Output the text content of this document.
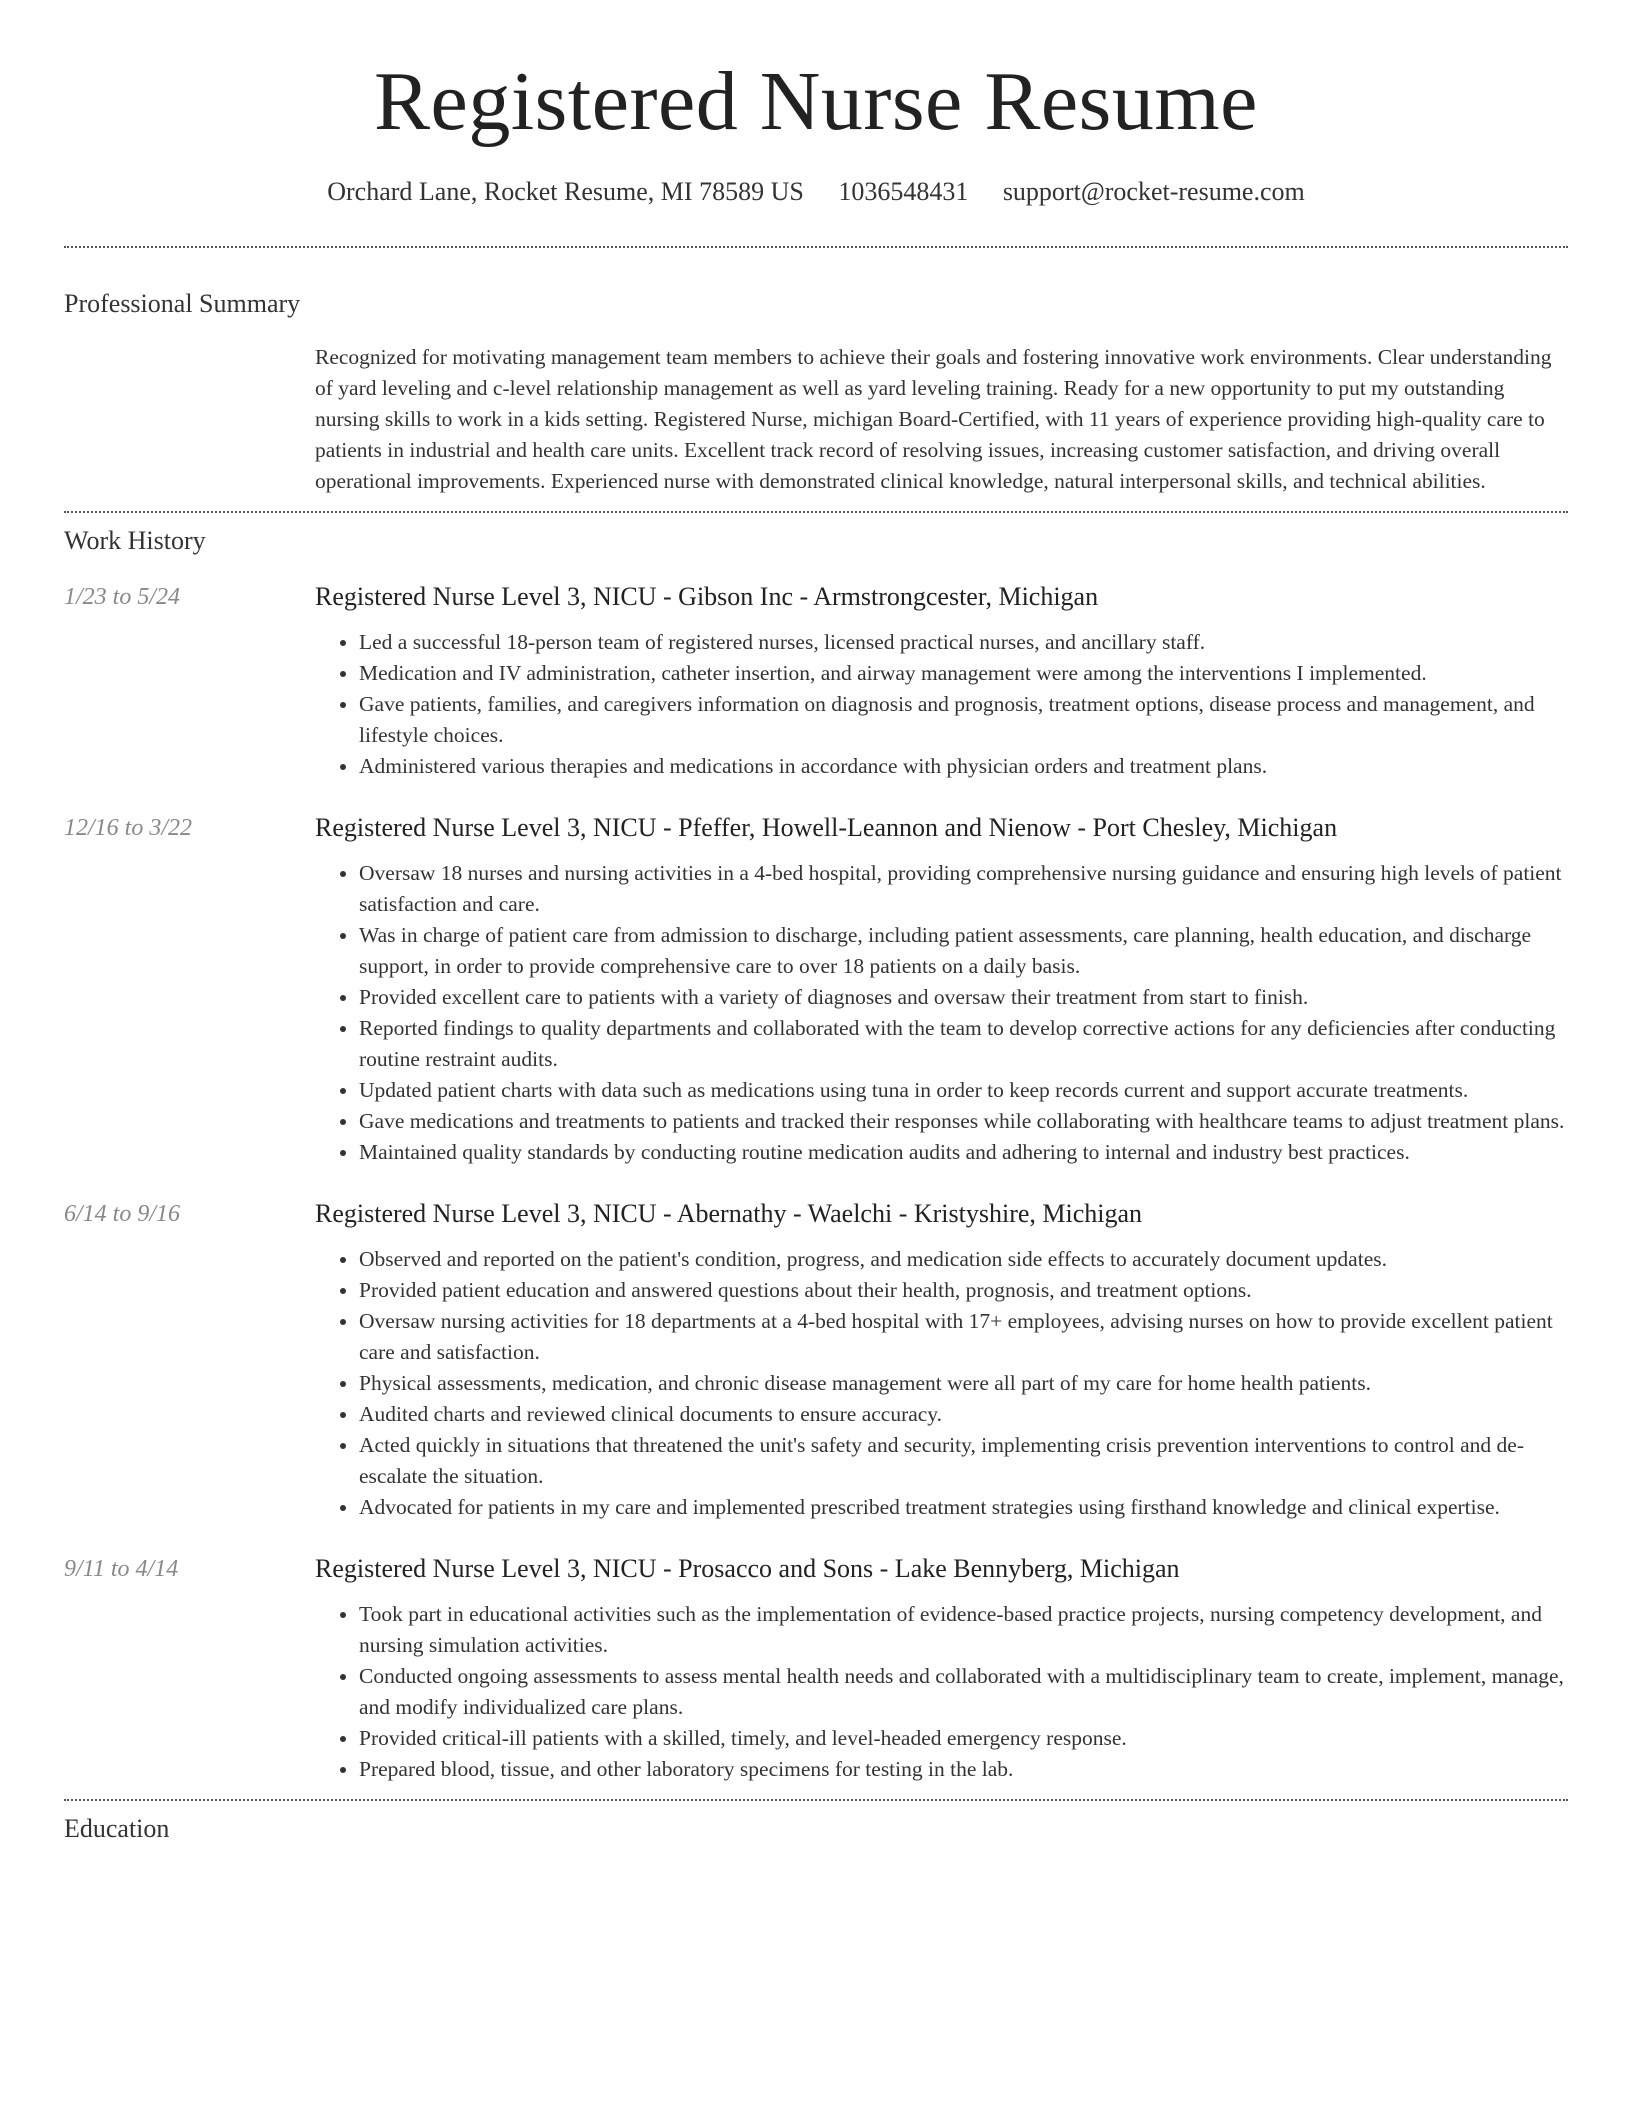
Registered Nurse Resume
Orchard Lane, Rocket Resume, MI 78589 US 1036548431 support@rocket-resume.com
Professional Summary
Recognized for motivating management team members to achieve their goals and fostering innovative work environments. Clear understanding of yard leveling and c-level relationship management as well as yard leveling training. Ready for a new opportunity to put my outstanding nursing skills to work in a kids setting. Registered Nurse, michigan Board-Certified, with 11 years of experience providing high-quality care to patients in industrial and health care units. Excellent track record of resolving issues, increasing customer satisfaction, and driving overall operational improvements. Experienced nurse with demonstrated clinical knowledge, natural interpersonal skills, and technical abilities.
Work History
1/23 to 5/24	Registered Nurse Level 3, NICU - Gibson Inc - Armstrongcester, Michigan
• Led a successful 18-person team of registered nurses, licensed practical nurses, and ancillary staff.
• Medication and IV administration, catheter insertion, and airway management were among the interventions I implemented.
• Gave patients, families, and caregivers information on diagnosis and prognosis, treatment options, disease process and management, and lifestyle choices.
• Administered various therapies and medications in accordance with physician orders and treatment plans.
12/16 to 3/22	Registered Nurse Level 3, NICU - Pfeffer, Howell-Leannon and Nienow - Port Chesley, Michigan
• Oversaw 18 nurses and nursing activities in a 4-bed hospital, providing comprehensive nursing guidance and ensuring high levels of patient satisfaction and care.
• Was in charge of patient care from admission to discharge, including patient assessments, care planning, health education, and discharge support, in order to provide comprehensive care to over 18 patients on a daily basis.
• Provided excellent care to patients with a variety of diagnoses and oversaw their treatment from start to finish.
• Reported findings to quality departments and collaborated with the team to develop corrective actions for any deficiencies after conducting routine restraint audits.
• Updated patient charts with data such as medications using tuna in order to keep records current and support accurate treatments.
• Gave medications and treatments to patients and tracked their responses while collaborating with healthcare teams to adjust treatment plans.
• Maintained quality standards by conducting routine medication audits and adhering to internal and industry best practices.
6/14 to 9/16	Registered Nurse Level 3, NICU - Abernathy - Waelchi - Kristyshire, Michigan
• Observed and reported on the patient's condition, progress, and medication side effects to accurately document updates.
• Provided patient education and answered questions about their health, prognosis, and treatment options.
• Oversaw nursing activities for 18 departments at a 4-bed hospital with 17+ employees, advising nurses on how to provide excellent patient care and satisfaction.
• Physical assessments, medication, and chronic disease management were all part of my care for home health patients.
• Audited charts and reviewed clinical documents to ensure accuracy.
• Acted quickly in situations that threatened the unit's safety and security, implementing crisis prevention interventions to control and de-escalate the situation.
• Advocated for patients in my care and implemented prescribed treatment strategies using firsthand knowledge and clinical expertise.
9/11 to 4/14	Registered Nurse Level 3, NICU - Prosacco and Sons - Lake Bennyberg, Michigan
• Took part in educational activities such as the implementation of evidence-based practice projects, nursing competency development, and nursing simulation activities.
• Conducted ongoing assessments to assess mental health needs and collaborated with a multidisciplinary team to create, implement, manage, and modify individualized care plans.
• Provided critical-ill patients with a skilled, timely, and level-headed emergency response.
• Prepared blood, tissue, and other laboratory specimens for testing in the lab.
Education
